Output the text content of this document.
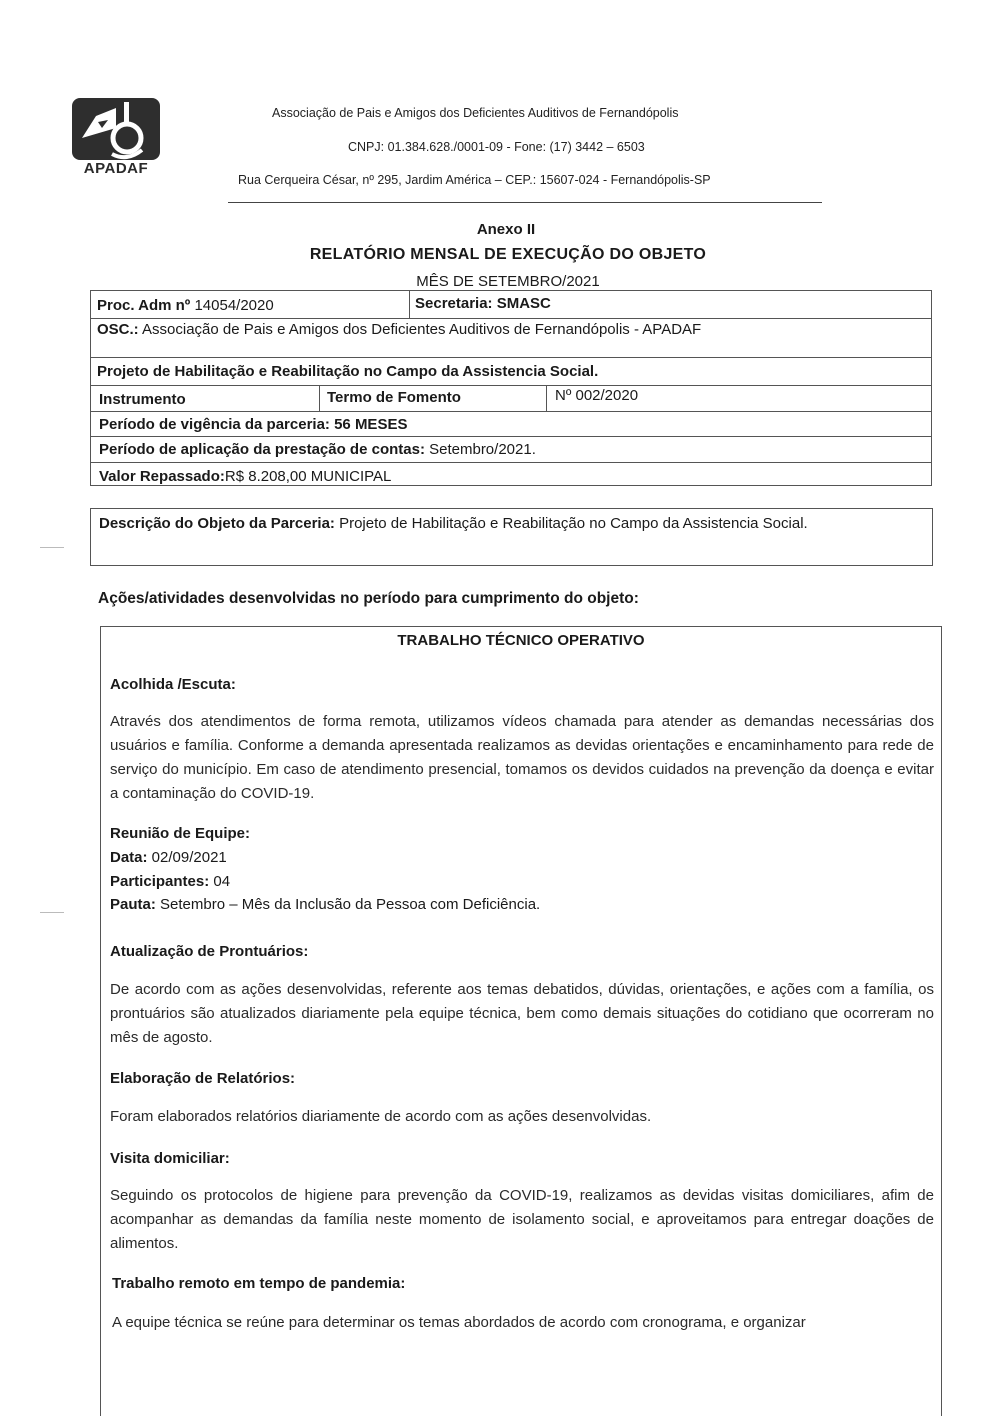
APADAF
Associação de Pais e Amigos dos Deficientes Auditivos de Fernandópolis
CNPJ: 01.384.628./0001-09 - Fone: (17) 3442 – 6503
Rua Cerqueira César, nº 295, Jardim América – CEP.: 15607-024 - Fernandópolis-SP
Anexo II
RELATÓRIO MENSAL DE EXECUÇÃO DO OBJETO
MÊS DE SETEMBRO/2021
Proc. Adm nº 14054/2020	Secretaria: SMASC
OSC.: Associação de Pais e Amigos dos Deficientes Auditivos de Fernandópolis - APADAF
Projeto de Habilitação e Reabilitação no Campo da Assistencia Social.
Instrumento	Termo de Fomento	Nº 002/2020
Período de vigência da parceria: 56 MESES
Período de aplicação da prestação de contas: Setembro/2021.
Valor Repassado:R$ 8.208,00 MUNICIPAL
Descrição do Objeto da Parceria: Projeto de Habilitação e Reabilitação no Campo da Assistencia Social.
Ações/atividades desenvolvidas no período para cumprimento do objeto:
TRABALHO TÉCNICO OPERATIVO
Acolhida /Escuta:
Através dos atendimentos de forma remota, utilizamos vídeos chamada para atender as demandas necessárias dos usuários e família. Conforme a demanda apresentada realizamos as devidas orientações e encaminhamento para rede de serviço do município. Em caso de atendimento presencial, tomamos os devidos cuidados na prevenção da doença e evitar a contaminação do COVID-19.
Reunião de Equipe:
Data: 02/09/2021
Participantes: 04
Pauta: Setembro – Mês da Inclusão da Pessoa com Deficiência.
Atualização de Prontuários:
De acordo com as ações desenvolvidas, referente aos temas debatidos, dúvidas, orientações, e ações com a família, os prontuários são atualizados diariamente pela equipe técnica, bem como demais situações do cotidiano que ocorreram no mês de agosto.
Elaboração de Relatórios:
Foram elaborados relatórios diariamente de acordo com as ações desenvolvidas.
Visita domiciliar:
Seguindo os protocolos de higiene para prevenção da COVID-19, realizamos as devidas visitas domiciliares, afim de acompanhar as demandas da família neste momento de isolamento social, e aproveitamos para entregar doações de alimentos.
Trabalho remoto em tempo de pandemia:
A equipe técnica se reúne para determinar os temas abordados de acordo com cronograma, e organizar
